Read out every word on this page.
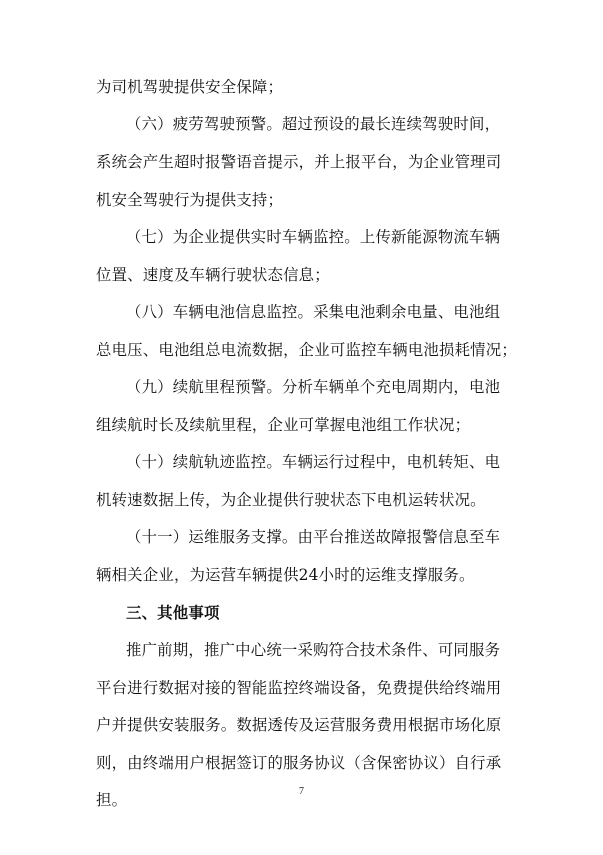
为司机驾驶提供安全保障；
（六）疲劳驾驶预警。超过预设的最长连续驾驶时间，
系统会产生超时报警语音提示，并上报平台，为企业管理司
机安全驾驶行为提供支持；
（七）为企业提供实时车辆监控。上传新能源物流车辆
位置、速度及车辆行驶状态信息；
（八）车辆电池信息监控。采集电池剩余电量、电池组
总电压、电池组总电流数据，企业可监控车辆电池损耗情况；
（九）续航里程预警。分析车辆单个充电周期内，电池
组续航时长及续航里程，企业可掌握电池组工作状况；
（十）续航轨迹监控。车辆运行过程中，电机转矩、电
机转速数据上传，为企业提供行驶状态下电机运转状况。
（十一）运维服务支撑。由平台推送故障报警信息至车
辆相关企业，为运营车辆提供24小时的运维支撑服务。
三、其他事项
推广前期，推广中心统一采购符合技术条件、可同服务
平台进行数据对接的智能监控终端设备，免费提供给终端用
户并提供安装服务。数据透传及运营服务费用根据市场化原
则，由终端用户根据签订的服务协议（含保密协议）自行承
担。	7
